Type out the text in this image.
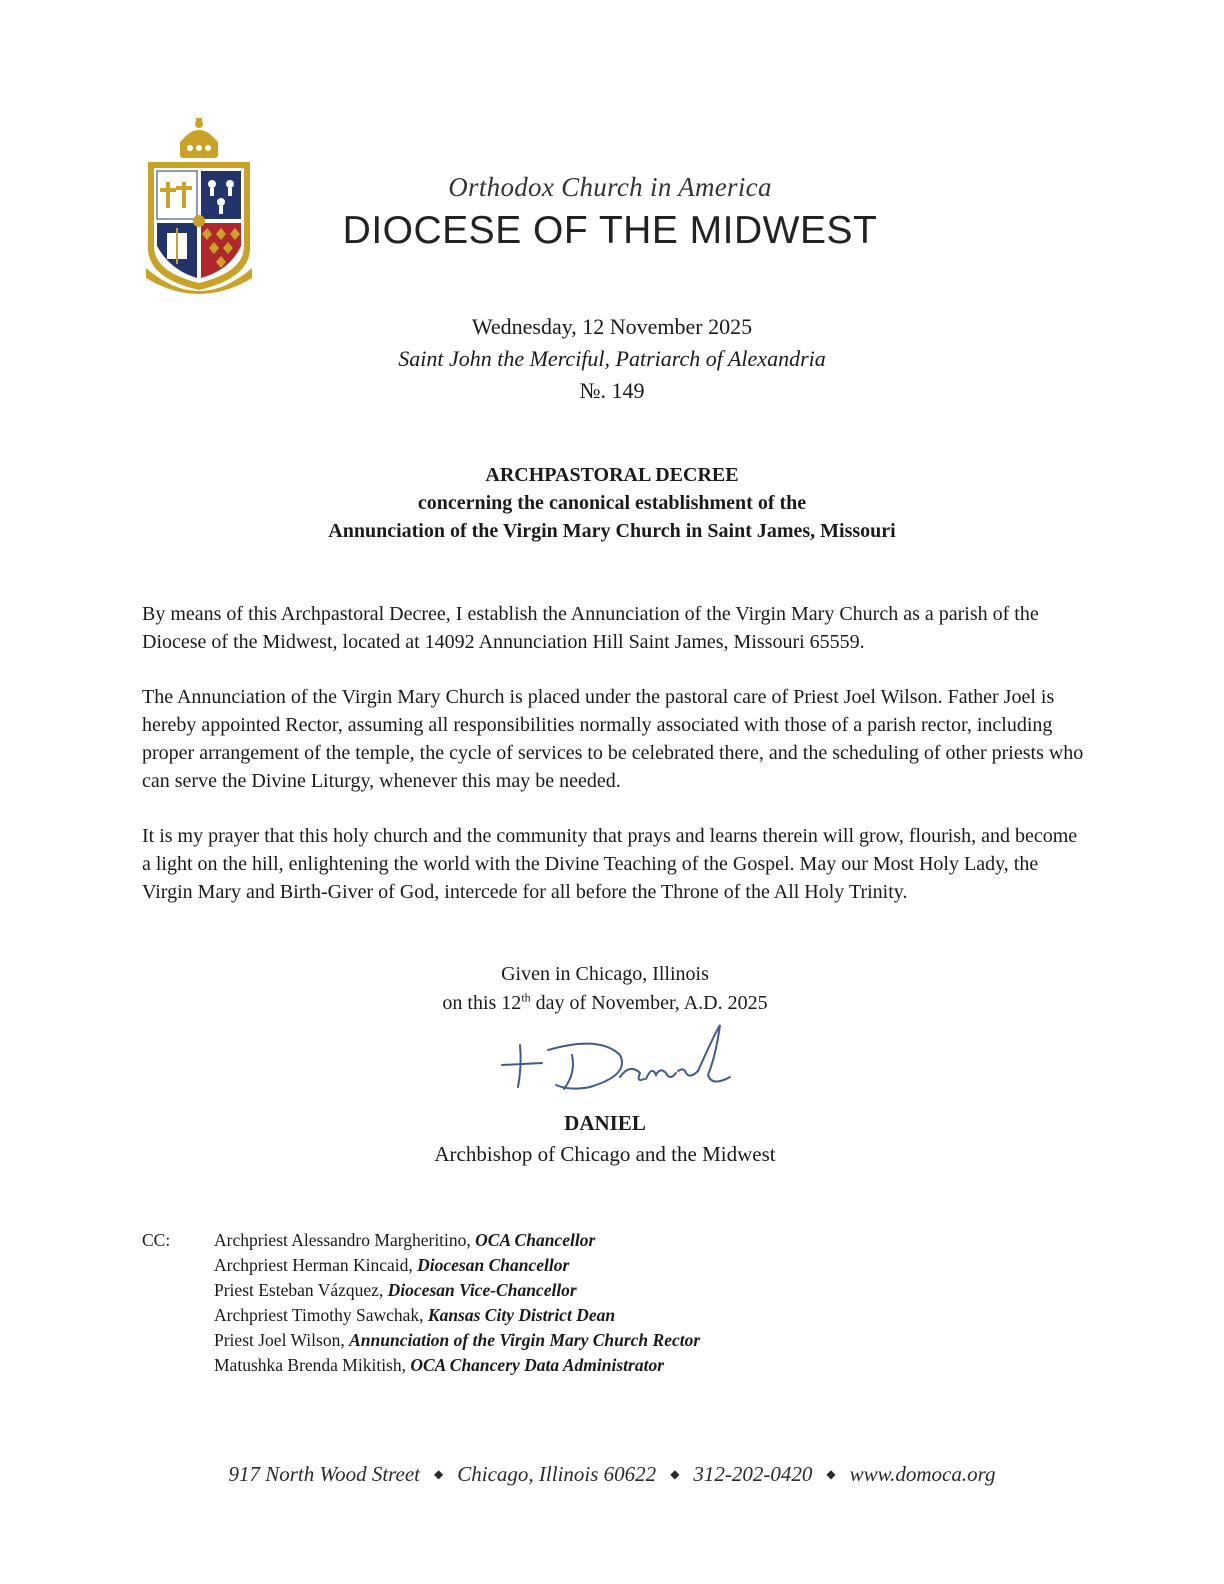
Orthodox Church in America
DIOCESE OF THE MIDWEST
Wednesday, 12 November 2025
Saint John the Merciful, Patriarch of Alexandria
№. 149
ARCHPASTORAL DECREE
concerning the canonical establishment of the
Annunciation of the Virgin Mary Church in Saint James, Missouri

By means of this Archpastoral Decree, I establish the Annunciation of the Virgin Mary Church as a parish of the Diocese of the Midwest, located at 14092 Annunciation Hill Saint James, Missouri 65559.

The Annunciation of the Virgin Mary Church is placed under the pastoral care of Priest Joel Wilson. Father Joel is hereby appointed Rector, assuming all responsibilities normally associated with those of a parish rector, including proper arrangement of the temple, the cycle of services to be celebrated there, and the scheduling of other priests who can serve the Divine Liturgy, whenever this may be needed.

It is my prayer that this holy church and the community that prays and learns therein will grow, flourish, and become a light on the hill, enlightening the world with the Divine Teaching of the Gospel. May our Most Holy Lady, the Virgin Mary and Birth-Giver of God, intercede for all before the Throne of the All Holy Trinity.

Given in Chicago, Illinois
on this 12th day of November, A.D. 2025
DANIEL
Archbishop of Chicago and the Midwest
CC:	Archpriest Alessandro Margheritino, OCA Chancellor
Archpriest Herman Kincaid, Diocesan Chancellor
Priest Esteban Vázquez, Diocesan Vice-Chancellor
Archpriest Timothy Sawchak, Kansas City District Dean
Priest Joel Wilson, Annunciation of the Virgin Mary Church Rector
Matushka Brenda Mikitish, OCA Chancery Data Administrator
917 North Wood Street ◆ Chicago, Illinois 60622 ◆ 312-202-0420 ◆ www.domoca.org
